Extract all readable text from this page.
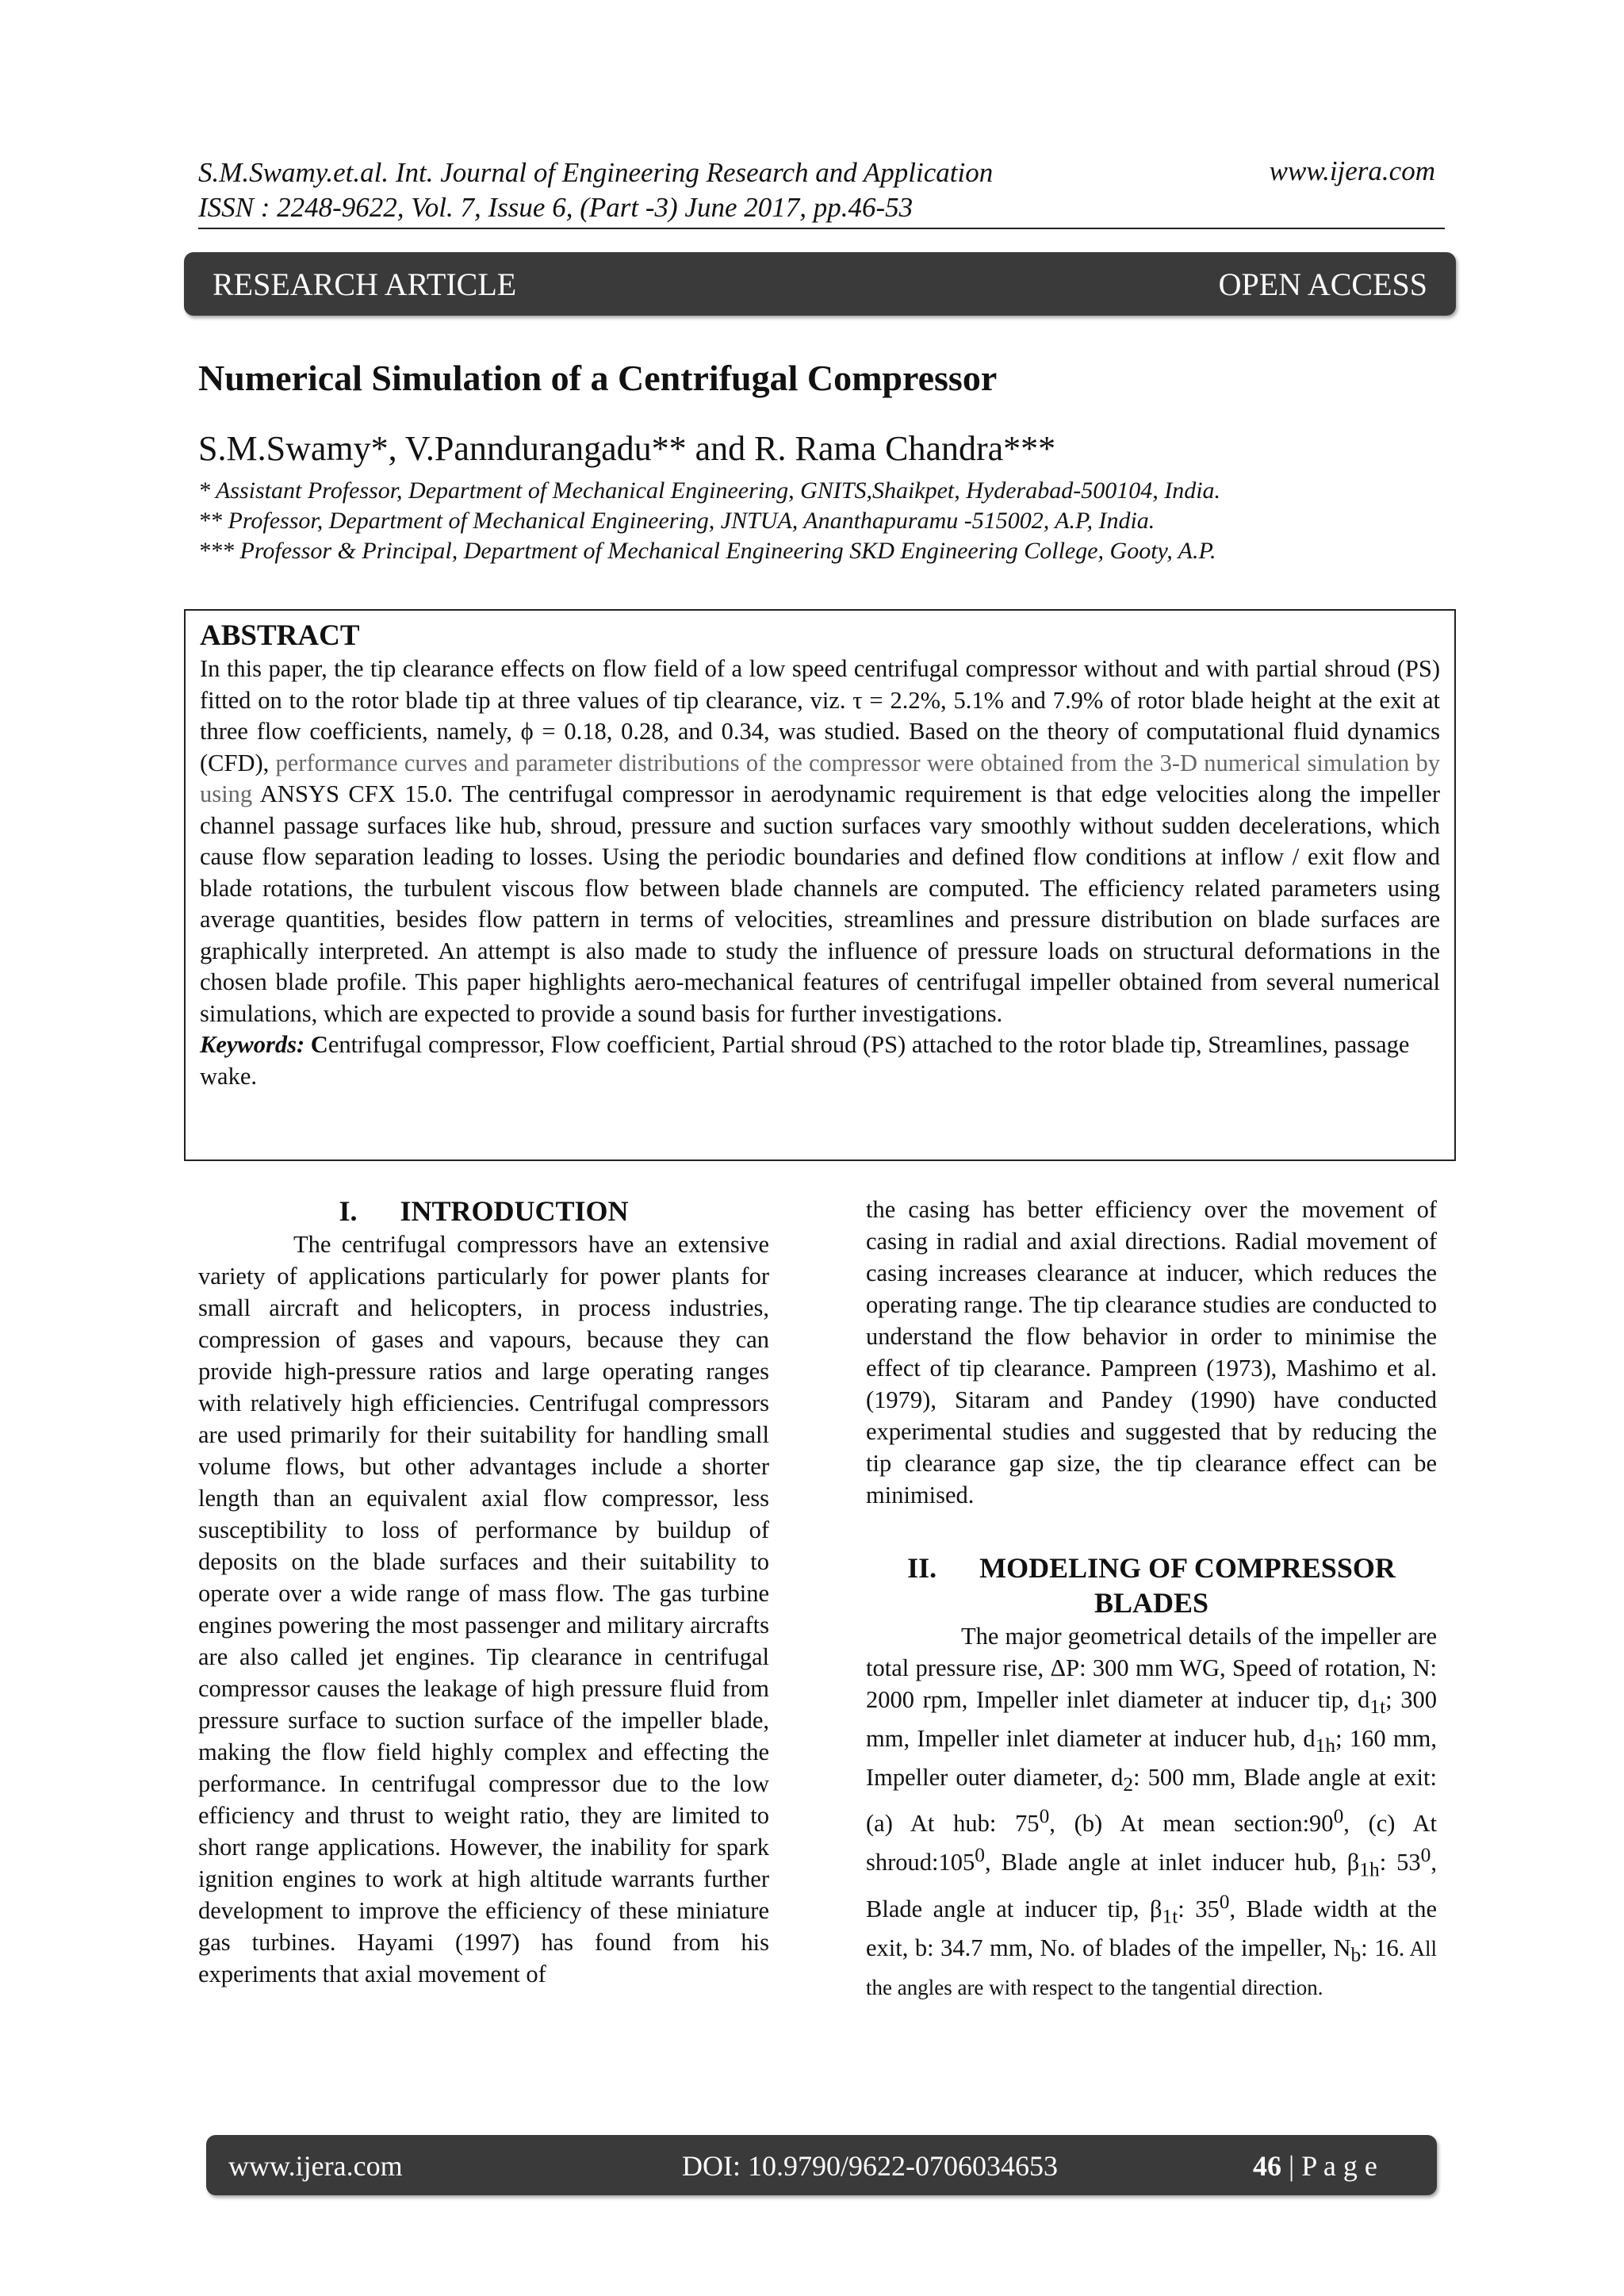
S.M.Swamy.et.al. Int. Journal of Engineering Research and Application
ISSN : 2248-9622, Vol. 7, Issue 6, (Part -3) June 2017, pp.46-53
www.ijera.com
RESEARCH ARTICLE	OPEN ACCESS
Numerical Simulation of a Centrifugal Compressor
S.M.Swamy*, V.Panndurangadu** and R. Rama Chandra***
* Assistant Professor, Department of Mechanical Engineering, GNITS,Shaikpet, Hyderabad-500104, India.
** Professor, Department of Mechanical Engineering, JNTUA, Ananthapuramu -515002, A.P, India.
*** Professor & Principal, Department of Mechanical Engineering SKD Engineering College, Gooty, A.P.
ABSTRACT
In this paper, the tip clearance effects on flow field of a low speed centrifugal compressor without and with partial shroud (PS) fitted on to the rotor blade tip at three values of tip clearance, viz. τ = 2.2%, 5.1% and 7.9% of rotor blade height at the exit at three flow coefficients, namely, ϕ = 0.18, 0.28, and 0.34, was studied. Based on the theory of computational fluid dynamics (CFD), performance curves and parameter distributions of the compressor were obtained from the 3-D numerical simulation by using ANSYS CFX 15.0. The centrifugal compressor in aerodynamic requirement is that edge velocities along the impeller channel passage surfaces like hub, shroud, pressure and suction surfaces vary smoothly without sudden decelerations, which cause flow separation leading to losses. Using the periodic boundaries and defined flow conditions at inflow / exit flow and blade rotations, the turbulent viscous flow between blade channels are computed. The efficiency related parameters using average quantities, besides flow pattern in terms of velocities, streamlines and pressure distribution on blade surfaces are graphically interpreted. An attempt is also made to study the influence of pressure loads on structural deformations in the chosen blade profile. This paper highlights aero-mechanical features of centrifugal impeller obtained from several numerical simulations, which are expected to provide a sound basis for further investigations.
Keywords: Centrifugal compressor, Flow coefficient, Partial shroud (PS) attached to the rotor blade tip, Streamlines, passage wake.
I. INTRODUCTION

The centrifugal compressors have an extensive variety of applications particularly for power plants for small aircraft and helicopters, in process industries, compression of gases and vapours, because they can provide high-pressure ratios and large operating ranges with relatively high efficiencies. Centrifugal compressors are used primarily for their suitability for handling small volume flows, but other advantages include a shorter length than an equivalent axial flow compressor, less susceptibility to loss of performance by buildup of deposits on the blade surfaces and their suitability to operate over a wide range of mass flow. The gas turbine engines powering the most passenger and military aircrafts are also called jet engines. Tip clearance in centrifugal compressor causes the leakage of high pressure fluid from pressure surface to suction surface of the impeller blade, making the flow field highly complex and effecting the performance. In centrifugal compressor due to the low efficiency and thrust to weight ratio, they are limited to short range applications. However, the inability for spark ignition engines to work at high altitude warrants further development to improve the efficiency of these miniature gas turbines. Hayami (1997) has found from his experiments that axial movement of

the casing has better efficiency over the movement of casing in radial and axial directions. Radial movement of casing increases clearance at inducer, which reduces the operating range. The tip clearance studies are conducted to understand the flow behavior in order to minimise the effect of tip clearance. Pampreen (1973), Mashimo et al. (1979), Sitaram and Pandey (1990) have conducted experimental studies and suggested that by reducing the tip clearance gap size, the tip clearance effect can be minimised.

II. MODELING OF COMPRESSOR
BLADES

The major geometrical details of the impeller are total pressure rise, ΔP: 300 mm WG, Speed of rotation, N: 2000 rpm, Impeller inlet diameter at inducer tip, $d_{1t}$; 300 mm, Impeller inlet diameter at inducer hub, $d_{1h}$; 160 mm, Impeller outer diameter, $d_2$: 500 mm, Blade angle at exit: (a) At hub: $75^0$, (b) At mean $section:90^0$, (c) At $shroud:105^0$, Blade angle at inlet inducer hub, $\beta_{1h}$: $53^0$, Blade angle at inducer tip, $\beta_{1t}$: $35^0$, Blade width at the exit, b: 34.7 mm, No. of blades of the impeller, $N_b$: 16. All the angles are with respect to the tangential direction.

www.ijera.com	DOI: 10.9790/9622-0706034653	46 | P a g e
